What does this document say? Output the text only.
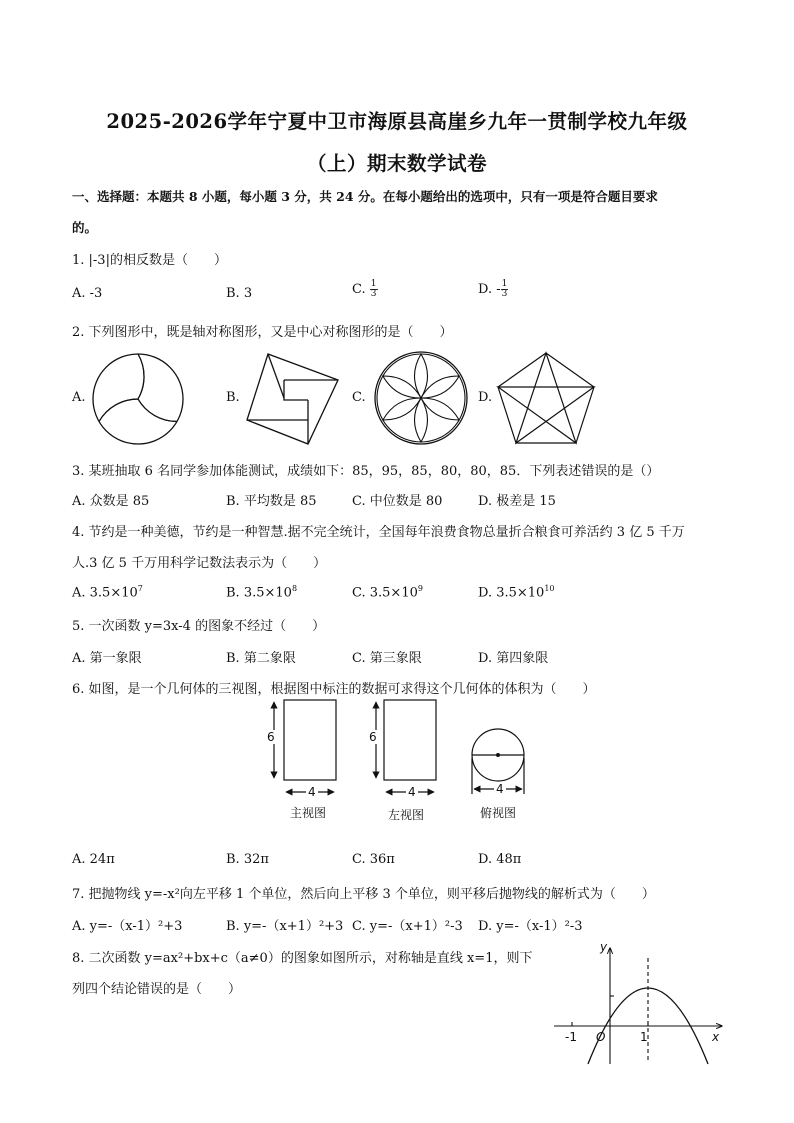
2025-2026学年宁夏中卫市海原县高崖乡九年一贯制学校九年级
（上）期末数学试卷
一、选择题：本题共 8 小题，每小题 3 分，共 24 分。在每小题给出的选项中，只有一项是符合题目要求
的。
1. |-3|的相反数是（　　）
A. -3	B. 3	C. $\frac{1}{3}$	D. - $\frac{1}{3}$
2. 下列图形中，既是轴对称图形，又是中心对称图形的是（　　）
A.	B.	C.	D.
3. 某班抽取 6 名同学参加体能测试，成绩如下：85，95，85，80，80，85．下列表述错误的是（）
A. 众数是 85	B. 平均数是 85	C. 中位数是 80	D. 极差是 15
4. 节约是一种美德，节约是一种智慧.据不完全统计，全国每年浪费食物总量折合粮食可养活约 3 亿 5 千万
人.3 亿 5 千万用科学记数法表示为（　　）
A. $3.5\times 10^7$	B. $3.5\times 10^8$	C. $3.5\times 10^9$	D. $3.5\times 10^{10}$
5. 一次函数 y=3x-4 的图象不经过（　　）
A. 第一象限	B. 第二象限	C. 第三象限	D. 第四象限
6. 如图，是一个几何体的三视图，根据图中标注的数据可求得这个几何体的体积为（　　）
6	6
4	4	4
主视图	左视图	俯视图
A. 24π	B. 32π	C. 36π	D. 48π
7. 把抛物线 y=-x²向左平移 1 个单位，然后向上平移 3 个单位，则平移后抛物线的解析式为（　　）
A. y=-（x-1）²+3	B. y=-（x+1）²+3 C. y=-（x+1）²-3 D. y=-（x-1）²-3
8. 二次函数 y=ax²+bx+c（a≠0）的图象如图所示，对称轴是直线 x=1，则下
列四个结论错误的是（　　）
y
x
O
-1	1
